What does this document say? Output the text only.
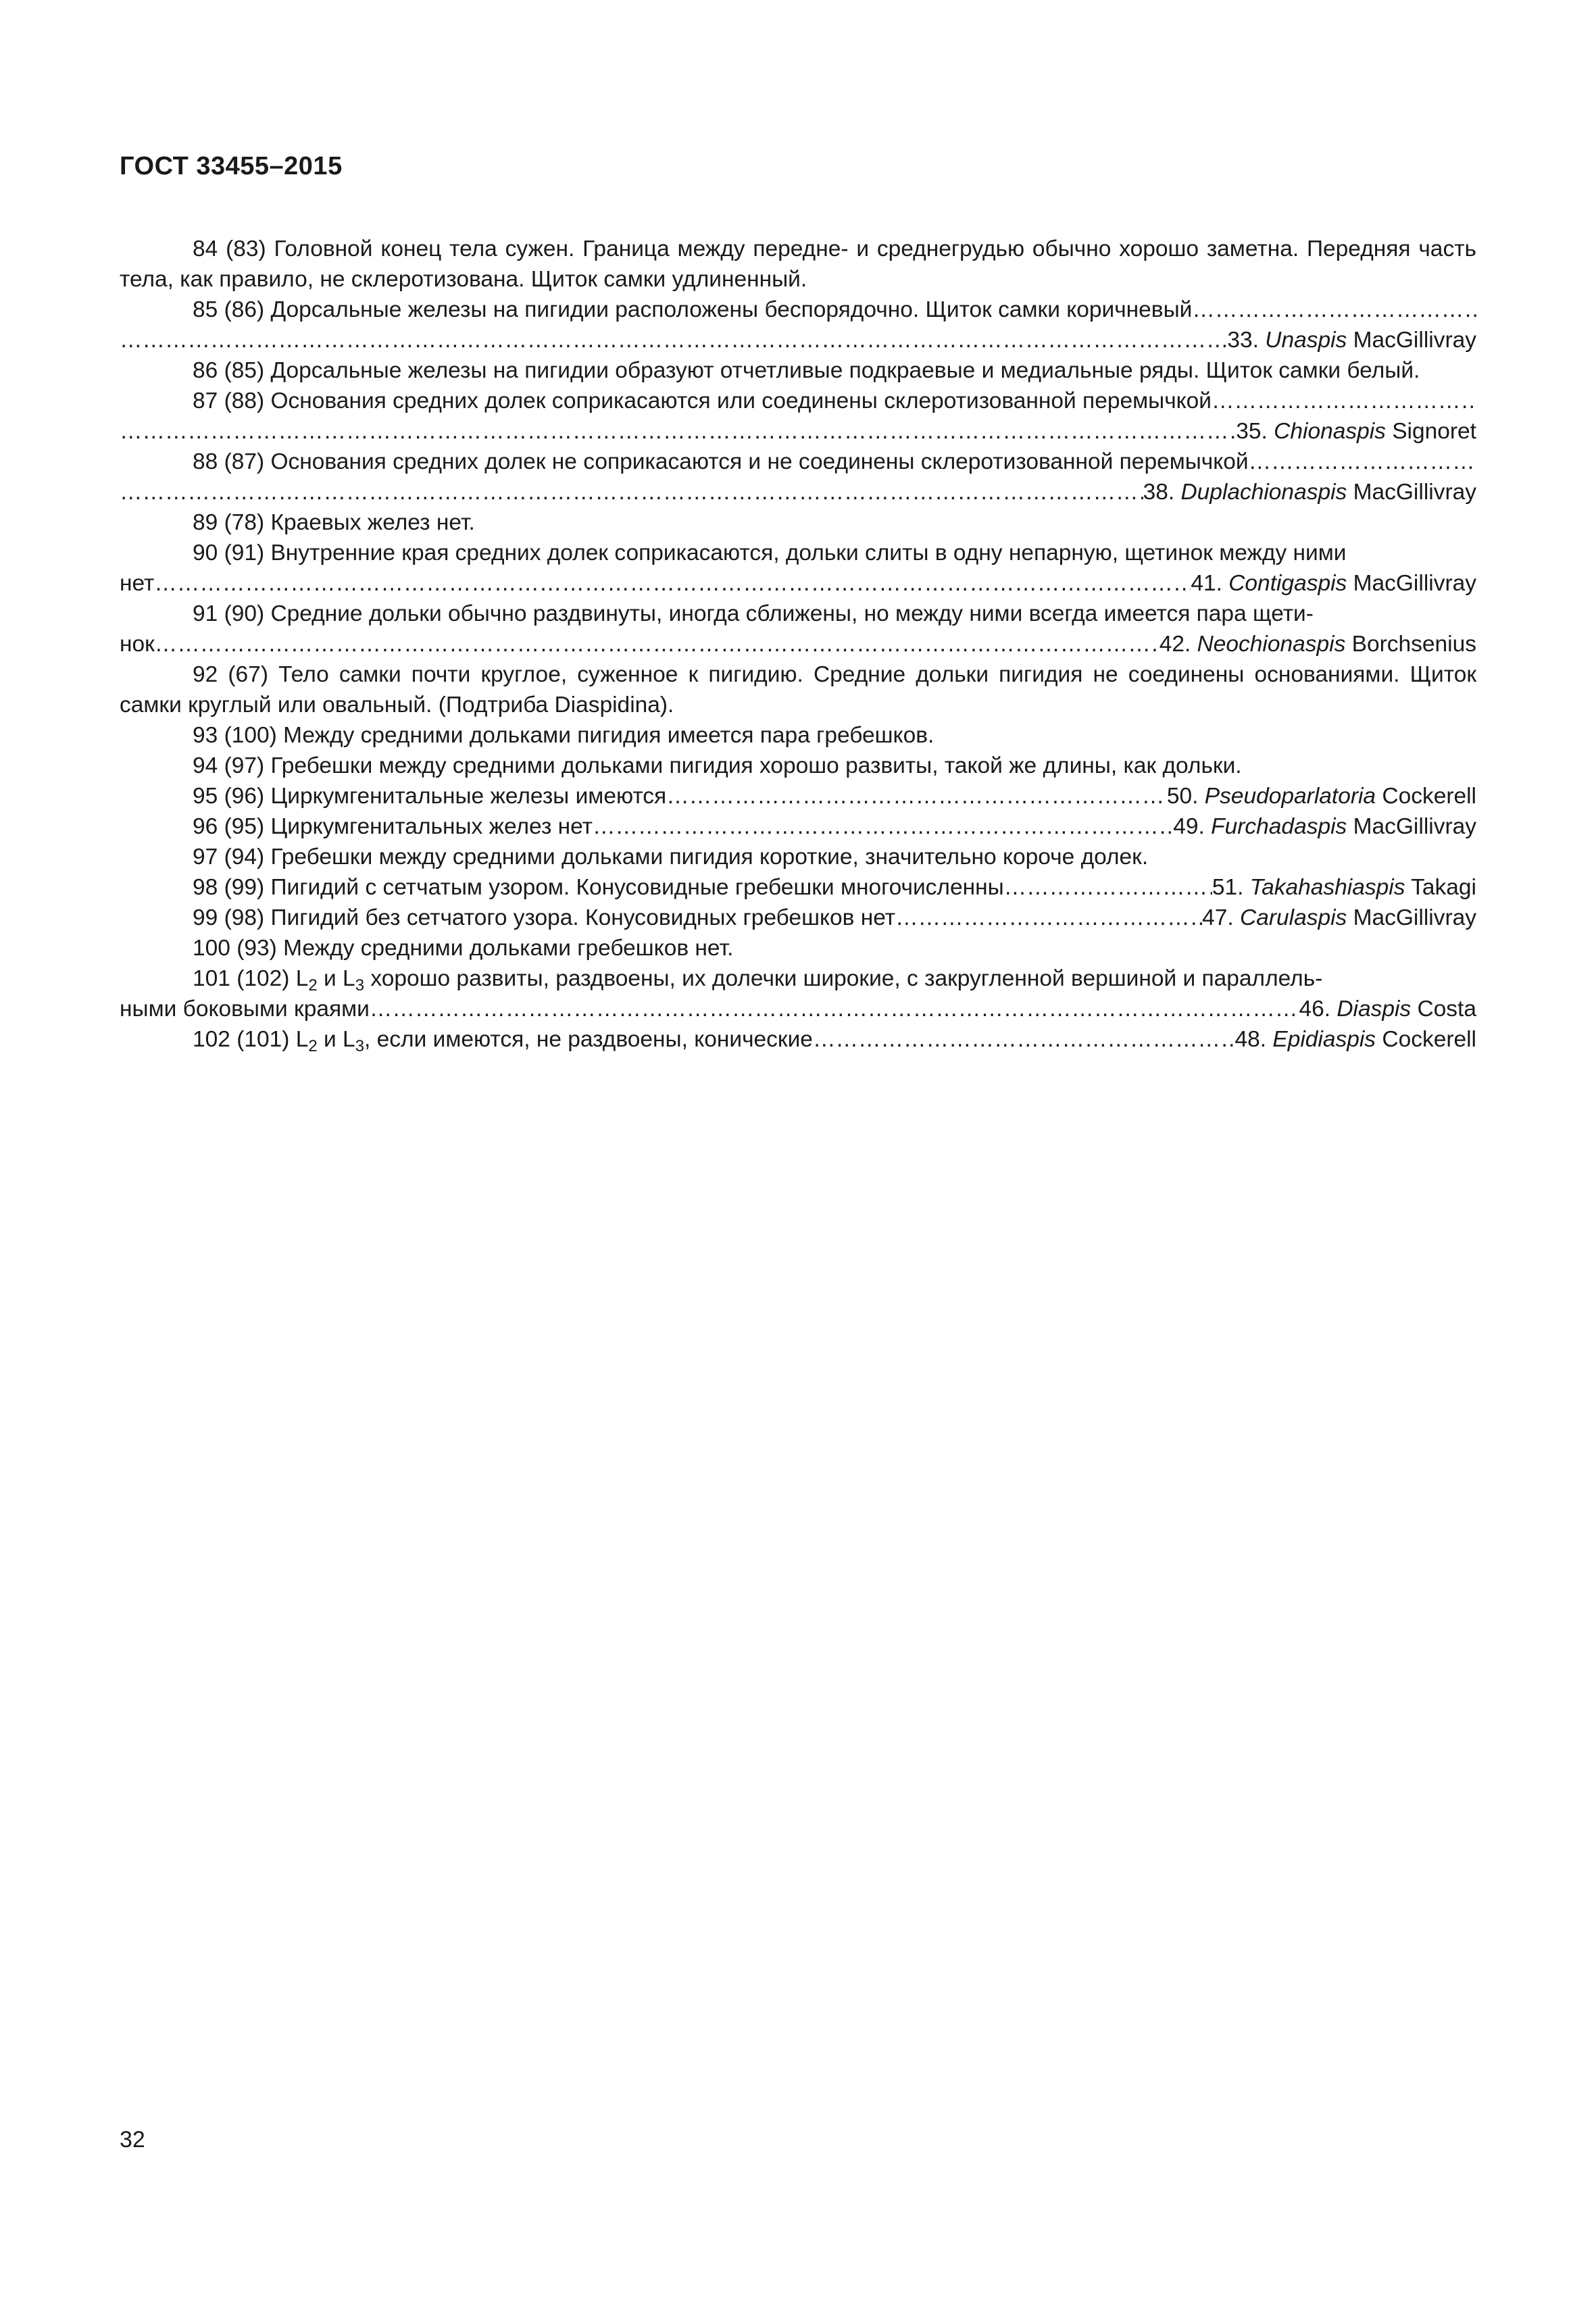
ГОСТ 33455–2015

84 (83) Головной конец тела сужен. Граница между передне- и среднегрудью обычно хорошо заметна. Передняя часть тела, как правило, не склеротизована. Щиток самки удлиненный.

85 (86) Дорсальные железы на пигидии расположены беспорядочно. Щиток самки коричневый
……………………………………………………………………………………………………………………………………………………………………………………………………………………………………………………………………………………………………………………………………………………………………………………………………………………………………
……………………………………………………………………………………………………………………………………………………………………………………………………………………………………………………………………………………………………………………………………………………………………………………………………………………………………
33. Unaspis MacGillivray

86 (85) Дорсальные железы на пигидии образуют отчетливые подкраевые и медиальные ряды. Щиток самки белый.

87 (88) Основания средних долек соприкасаются или соединены склеротизованной перемычкой
……………………………………………………………………………………………………………………………………………………………………………………………………………………………………………………………………………………………………………………………………………………………………………………………………………………………………
……………………………………………………………………………………………………………………………………………………………………………………………………………………………………………………………………………………………………………………………………………………………………………………………………………………………………
35. Chionaspis Signoret
88 (87) Основания средних долек не соприкасаются и не соединены склеротизованной перемычкой
……………………………………………………………………………………………………………………………………………………………………………………………………………………………………………………………………………………………………………………………………………………………………………………………………………………………………
……………………………………………………………………………………………………………………………………………………………………………………………………………………………………………………………………………………………………………………………………………………………………………………………………………………………………
38. Duplachionaspis MacGillivray

89 (78) Краевых желез нет.

90 (91) Внутренние края средних долек соприкасаются, дольки слиты в одну непарную, щетинок между ними

нет ……………………………………………………………………………………………………………………………………………………………………………………………………………………………………………………………………………………………………………………………………………………………………………………………………………………………………	41. Contigaspis MacGillivray

91 (90) Средние дольки обычно раздвинуты, иногда сближены, но между ними всегда имеется пара щети-

нок ……………………………………………………………………………………………………………………………………………………………………………………………………………………………………………………………………………………………………………………………………………………………………………………………………………………………………	42. Neochionaspis Borchsenius

92 (67) Тело самки почти круглое, суженное к пигидию. Средние дольки пигидия не соединены основаниями. Щиток самки круглый или овальный. (Подтриба Diaspidina).

93 (100) Между средними дольками пигидия имеется пара гребешков.

94 (97) Гребешки между средними дольками пигидия хорошо развиты, такой же длины, как дольки.

95 (96) Циркумгенитальные железы имеются ……………………………………………………………………………………………………………………………………………………………………………………………………………………………………………………………………………………………………………………………………………………………………………………………………………………………………	50. Pseudoparlatoria Cockerell
96 (95) Циркумгенитальных желез нет ……………………………………………………………………………………………………………………………………………………………………………………………………………………………………………………………………………………………………………………………………………………………………………………………………………………………………	49. Furchadaspis MacGillivray

97 (94) Гребешки между средними дольками пигидия короткие, значительно короче долек.

98 (99) Пигидий с сетчатым узором. Конусовидные гребешки многочисленны ……………………………………………………………………………………………………………………………………………………………………………………………………………………………………………………………………………………………………………………………………………………………………………………………………………………………………	51. Takahashiaspis Takagi
99 (98) Пигидий без сетчатого узора. Конусовидных гребешков нет ……………………………………………………………………………………………………………………………………………………………………………………………………………………………………………………………………………………………………………………………………………………………………………………………………………………………………	47. Carulaspis MacGillivray

100 (93) Между средними дольками гребешков нет.

101 (102) $L_2$ и $L_3$ хорошо развиты, раздвоены, их долечки широкие, с закругленной вершиной и параллель-

ными боковыми краями ……………………………………………………………………………………………………………………………………………………………………………………………………………………………………………………………………………………………………………………………………………………………………………………………………………………………………	46. Diaspis Costa
102 (101) $L_2$ и $L_3$, если имеются, не раздвоены, конические ……………………………………………………………………………………………………………………………………………………………………………………………………………………………………………………………………………………………………………………………………………………………………………………………………………………………………	48. Epidiaspis Cockerell
32
